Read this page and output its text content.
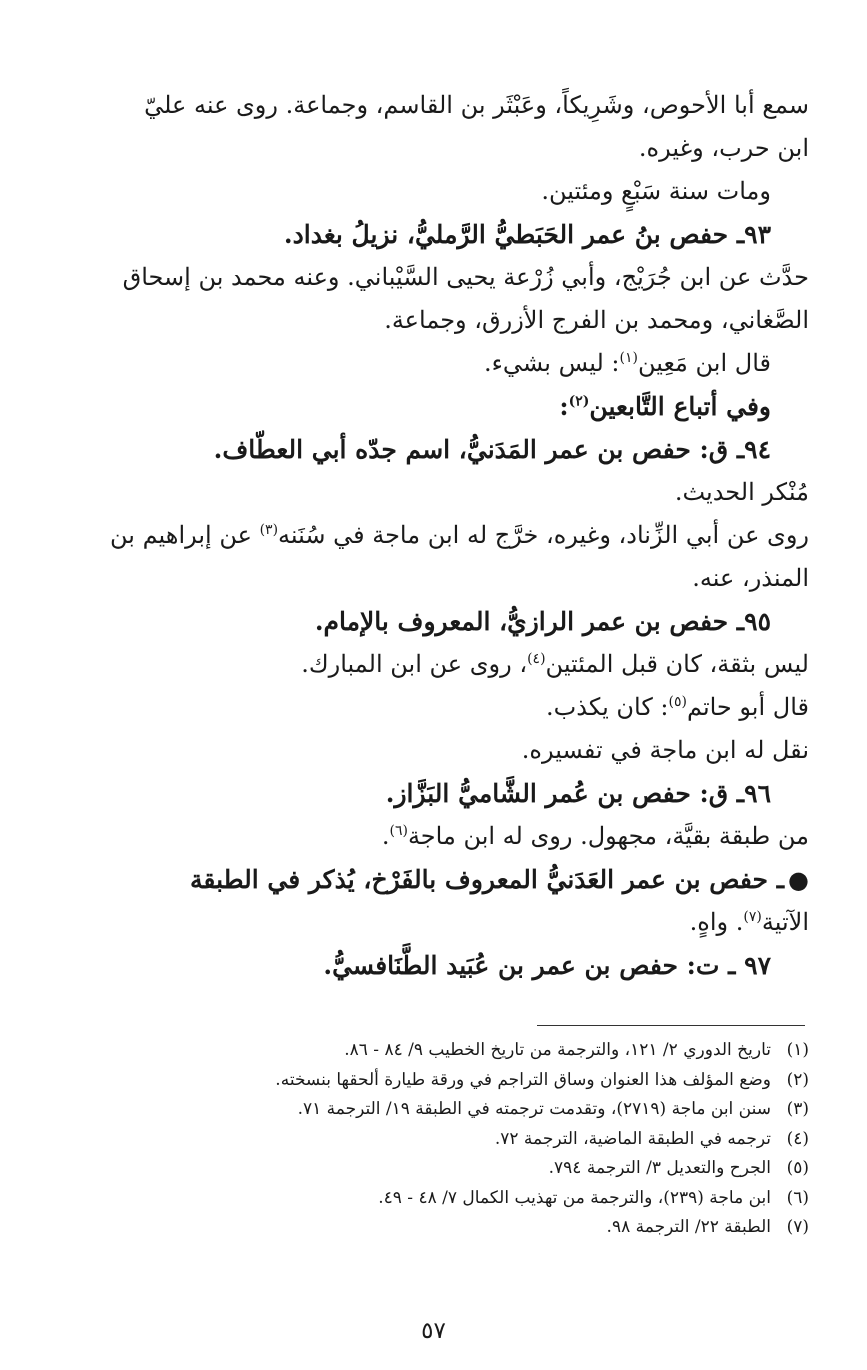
سمع أبا الأحوص، وشَرِيكاً، وعَبْثَر بن القاسم، وجماعة. روى عنه عليّ
ابن حرب، وغيره.
ومات سنة سَبْعٍ ومئتين.
٩٣ـ حفص بنُ عمر الحَبَطيُّ الرَّمليُّ، نزيلُ بغداد.
حدَّث عن ابن جُرَيْج، وأبي زُرْعة يحيى السَّيْباني. وعنه محمد بن إسحاق
الصَّغاني، ومحمد بن الفرج الأزرق، وجماعة.
قال ابن مَعِين$^{(١)}$: ليس بشيء.
وفي أتباع التَّابعين$^{(٢)}$:
٩٤ـ ق: حفص بن عمر المَدَنيُّ، اسم جدّه أبي العطّاف.
مُنْكر الحديث.
روى عن أبي الزِّناد، وغيره، خرَّج له ابن ماجة في سُنَنه$^{(٣)}$ عن إبراهيم بن
المنذر، عنه.
٩٥ـ حفص بن عمر الرازيُّ، المعروف بالإمام.
ليس بثقة، كان قبل المئتين$^{(٤)}$، روى عن ابن المبارك.
قال أبو حاتم$^{(٥)}$: كان يكذب.
نقل له ابن ماجة في تفسيره.
٩٦ـ ق: حفص بن عُمر الشَّاميُّ البَزَّاز.
من طبقة بقيَّة، مجهول. روى له ابن ماجة$^{(٦)}$.
●ـ حفص بن عمر العَدَنيُّ المعروف بالفَرْخ، يُذكر في الطبقة
الآتية$^{(٧)}$. واهٍ.
٩٧ ـ ت: حفص بن عمر بن عُبَيد الطَّنَافسيُّ.
(١)تاريخ الدوري ٢/ ١٢١، والترجمة من تاريخ الخطيب ٩/ ٨٤ - ٨٦.
(٢)وضع المؤلف هذا العنوان وساق التراجم في ورقة طيارة ألحقها بنسخته.
(٣)سنن ابن ماجة (٢٧١٩)، وتقدمت ترجمته في الطبقة ١٩/ الترجمة ٧١.
(٤)ترجمه في الطبقة الماضية، الترجمة ٧٢.
(٥)الجرح والتعديل ٣/ الترجمة ٧٩٤.
(٦)ابن ماجة (٢٣٩)، والترجمة من تهذيب الكمال ٧/ ٤٨ - ٤٩.
(٧)الطبقة ٢٢/ الترجمة ٩٨.
٥٧
